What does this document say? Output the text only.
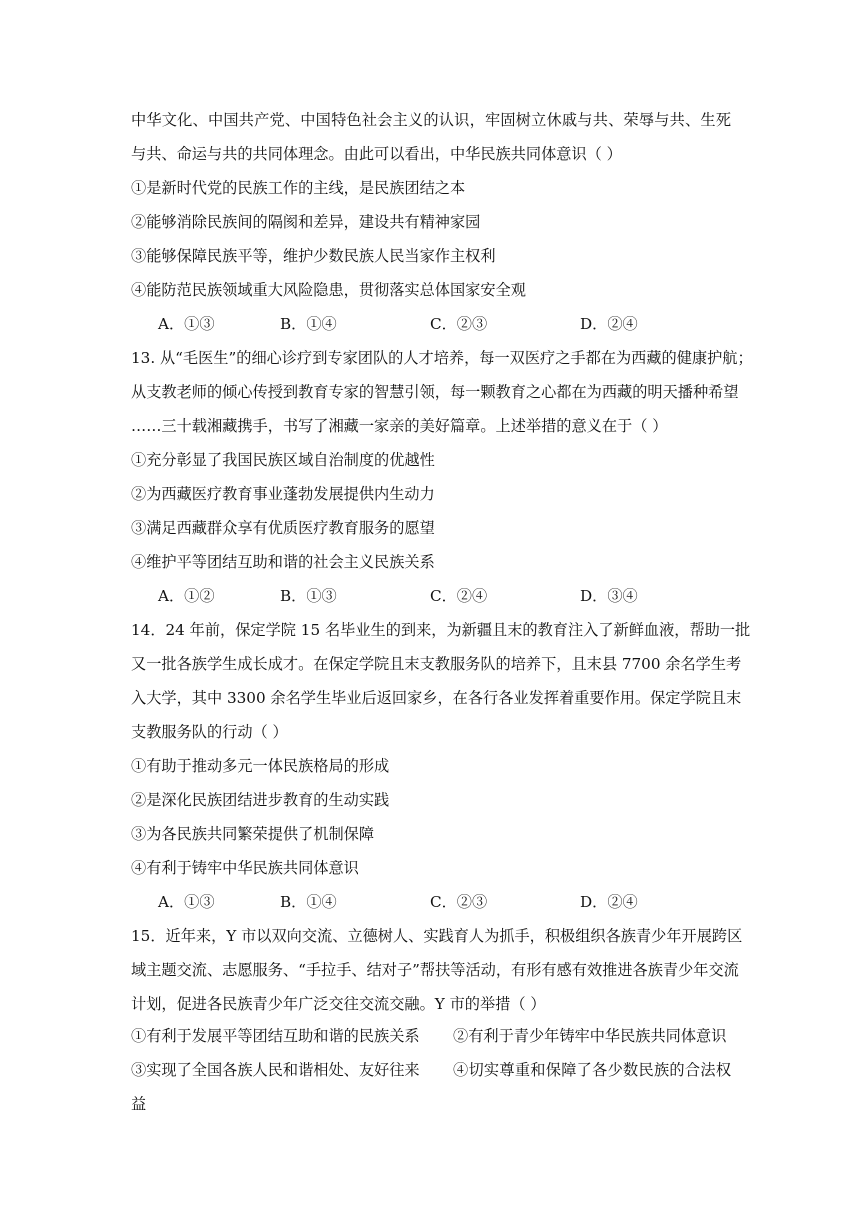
中华文化、中国共产党、中国特色社会主义的认识，牢固树立休戚与共、荣辱与共、生死
与共、命运与共的共同体理念。由此可以看出，中华民族共同体意识（ ）
①是新时代党的民族工作的主线，是民族团结之本
②能够消除民族间的隔阂和差异，建设共有精神家园
③能够保障民族平等，维护少数民族人民当家作主权利
④能防范民族领域重大风险隐患，贯彻落实总体国家安全观
A．①③	B．①④	C．②③	D．②④
13. 从“毛医生”的细心诊疗到专家团队的人才培养，每一双医疗之手都在为西藏的健康护航；
从支教老师的倾心传授到教育专家的智慧引领，每一颗教育之心都在为西藏的明天播种希望
……三十载湘藏携手，书写了湘藏一家亲的美好篇章。上述举措的意义在于（ ）
①充分彰显了我国民族区域自治制度的优越性
②为西藏医疗教育事业蓬勃发展提供内生动力
③满足西藏群众享有优质医疗教育服务的愿望
④维护平等团结互助和谐的社会主义民族关系
A．①②	B．①③	C．②④	D．③④
14．24 年前，保定学院 15 名毕业生的到来，为新疆且末的教育注入了新鲜血液，帮助一批
又一批各族学生成长成才。在保定学院且末支教服务队的培养下，且末县 7700 余名学生考
入大学，其中 3300 余名学生毕业后返回家乡，在各行各业发挥着重要作用。保定学院且末
支教服务队的行动（ ）
①有助于推动多元一体民族格局的形成
②是深化民族团结进步教育的生动实践
③为各民族共同繁荣提供了机制保障
④有利于铸牢中华民族共同体意识
A．①③	B．①④	C．②③	D．②④
15．近年来，Y 市以双向交流、立德树人、实践育人为抓手，积极组织各族青少年开展跨区
域主题交流、志愿服务、“手拉手、结对子”帮扶等活动，有形有感有效推进各族青少年交流
计划，促进各民族青少年广泛交往交流交融。Y 市的举措（ ）
①有利于发展平等团结互助和谐的民族关系 ②有利于青少年铸牢中华民族共同体意识
③实现了全国各族人民和谐相处、友好往来 ④切实尊重和保障了各少数民族的合法权
益
